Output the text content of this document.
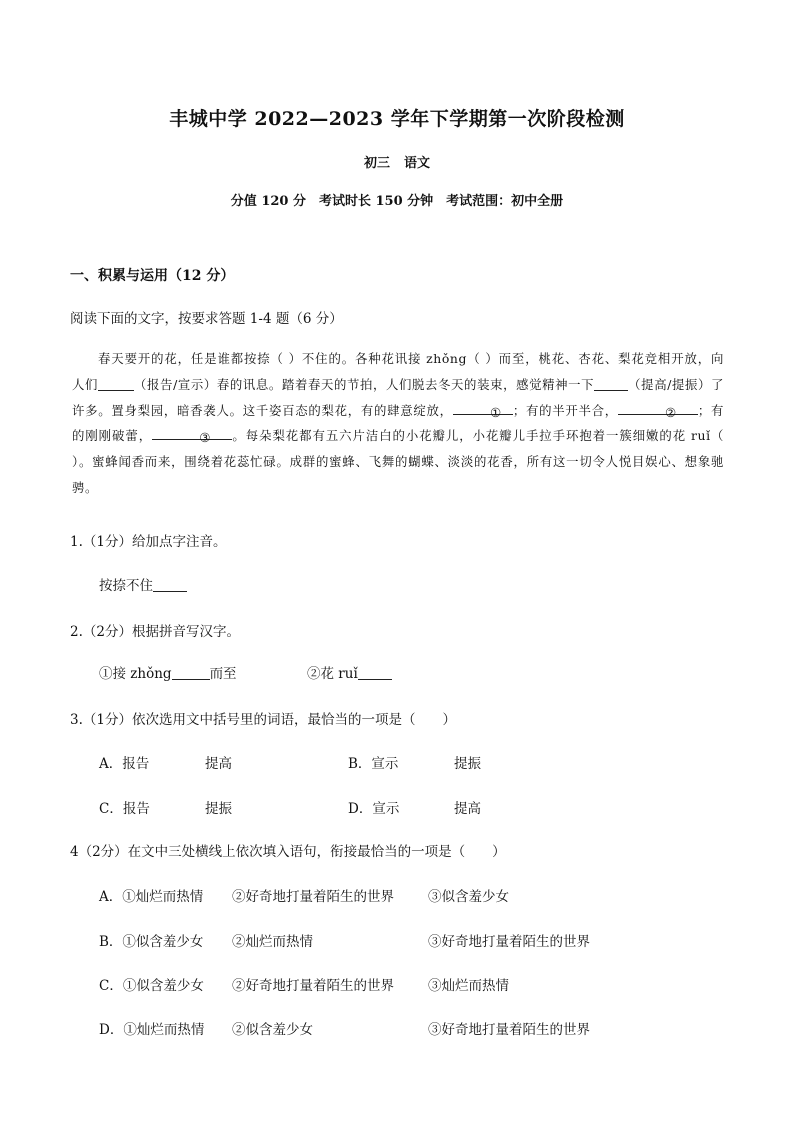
丰城中学 2022—2023 学年下学期第一次阶段检测
初三 语文
分值 120 分　考试时长 150 分钟　考试范围：初中全册
一、积累与运用（12 分）
阅读下面的文字，按要求答题 1-4 题（6 分）

春天要开的花，任是谁都按捺（ ）不住的。各种花讯接 zhǒng（ ）而至，桃花、杏花、梨花竞相开放，向人们	（报告/宣示）春的讯息。踏着春天的节拍，人们脱去冬天的装束，感觉精神一下	（提高/提振）了许多。置身梨园，暗香袭人。这千姿百态的梨花，有的肆意绽放，	① ；有的半开半合，	② ；有的刚刚破蕾，	③ 。每朵梨花都有五六片洁白的小花瓣儿，小花瓣儿手拉手环抱着一簇细嫩的花 ruǐ（ ）。蜜蜂闻香而来，围绕着花蕊忙碌。成群的蜜蜂、飞舞的蝴蝶、淡淡的花香，所有这一切令人悦目娱心、想象驰骋。

1.（1分）给加点字注音。
按捺不住
2.（2分）根据拼音写汉字。
①接 zhǒng	而至	②花 ruǐ
3.（1分）依次选用文中括号里的词语，最恰当的一项是（　　）
A．报告	提高	B．宣示	提振
C．报告	提振	D．宣示	提高
4（2分）在文中三处横线上依次填入语句，衔接最恰当的一项是（　　）
A．①灿烂而热情 ②好奇地打量着陌生的世界	③似含羞少女
B．①似含羞少女 ②灿烂而热情	③好奇地打量着陌生的世界
C．①似含羞少女 ②好奇地打量着陌生的世界	③灿烂而热情
D．①灿烂而热情 ②似含羞少女	③好奇地打量着陌生的世界
